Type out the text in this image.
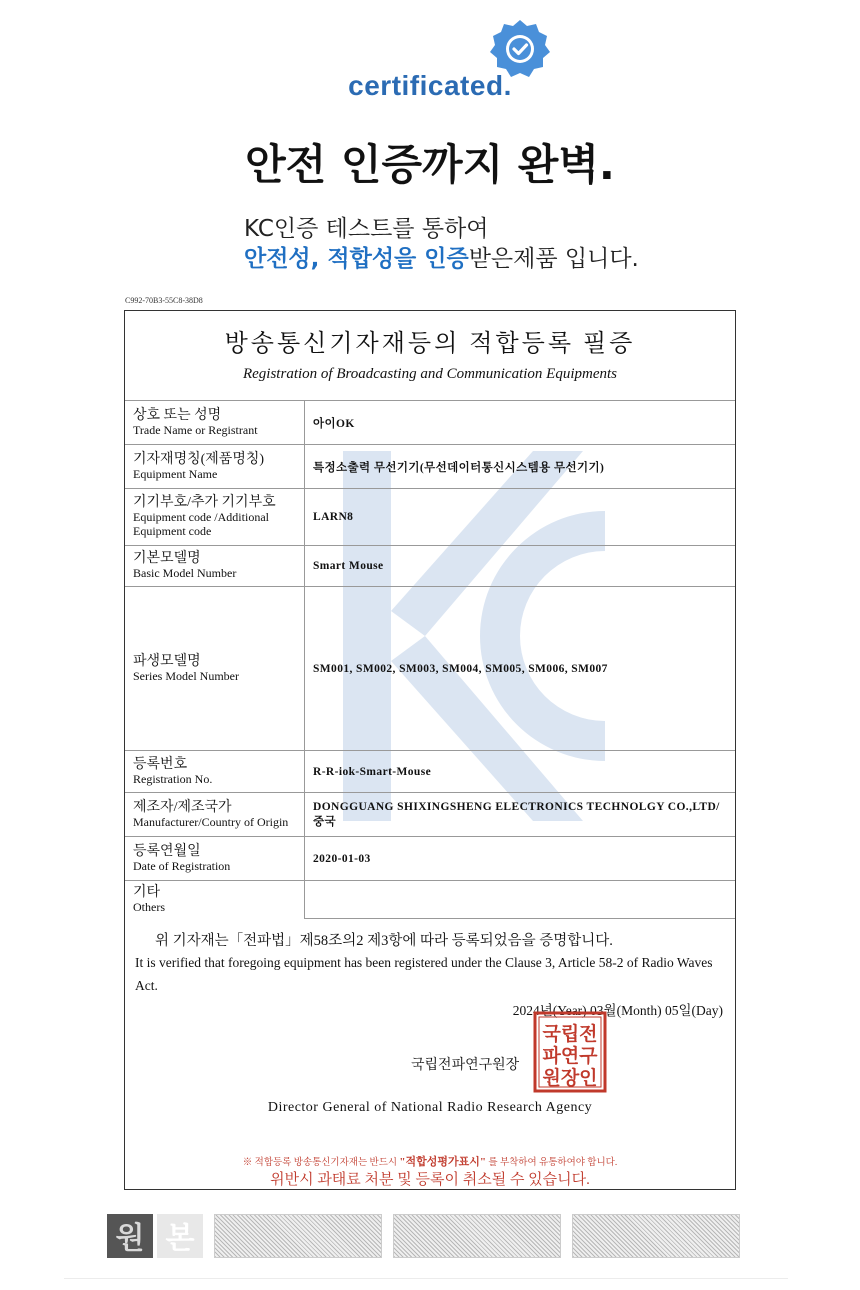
certificated.
안전 인증까지 완벽.
KC인증 테스트를 통하여
안전성, 적합성을 인증받은제품 입니다.
C992-70B3-55C8-38D8
방송통신기자재등의 적합등록 필증
Registration of Broadcasting and Communication Equipments
상호 또는 성명
Trade Name or Registrant	아이OK

기자재명칭(제품명칭)
Equipment Name	특정소출력 무선기기(무선데이터통신시스템용 무선기기)

기기부호/추가 기기부호
Equipment code /Additional Equipment code	LARN8

기본모델명
Basic Model Number	Smart Mouse

파생모델명
Series Model Number	SM001, SM002, SM003, SM004, SM005, SM006, SM007

등록번호
Registration No.	R-R-iok-Smart-Mouse

제조자/제조국가
Manufacturer/Country of Origin	DONGGUANG SHIXINGSHENG ELECTRONICS TECHNOLGY CO.,LTD/중국

등록연월일
Date of Registration	2020-01-03

기타
Others	
위 기자재는「전파법」제58조의2 제3항에 따라 등록되었음을 증명합니다.
It is verified that foregoing equipment has been registered under the Clause 3, Article 58-2 of Radio Waves Act.
2024년(Year) 03월(Month) 05일(Day)
국립전파연구원장
국립전
파연구
원장인
Director General of National Radio Research Agency
※ 적합등록 방송통신기자재는 반드시 "적합성평가표시" 를 부착하여 유통하여야 합니다.
위반시 과태료 처분 및 등록이 취소될 수 있습니다.
원 본
